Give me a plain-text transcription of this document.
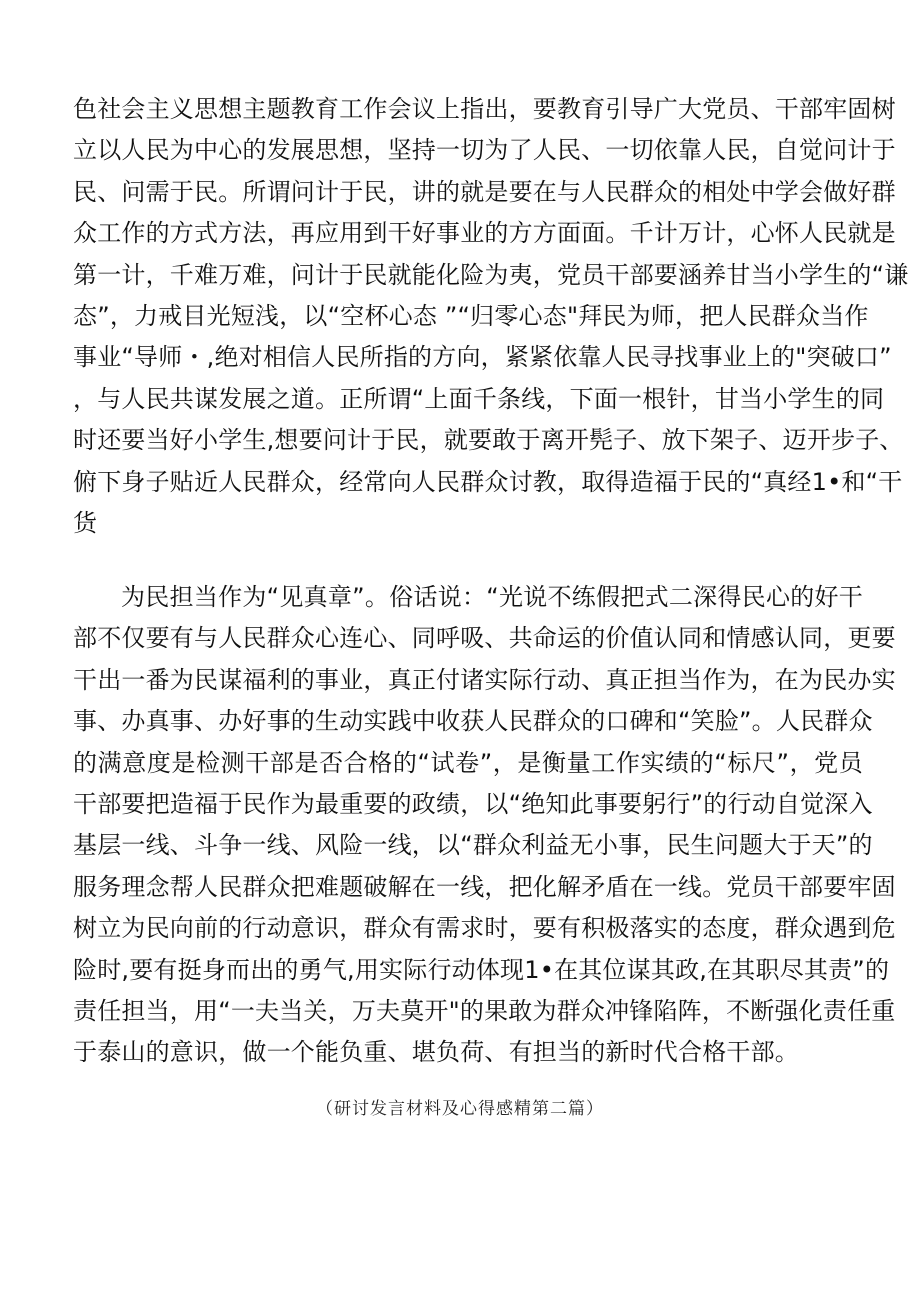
色社会主义思想主题教育工作会议上指出，要教育引导广大党员、干部牢固树
立以人民为中心的发展思想，坚持一切为了人民、一切依靠人民，自觉问计于
民、问需于民。所谓问计于民，讲的就是要在与人民群众的相处中学会做好群
众工作的方式方法，再应用到干好事业的方方面面。千计万计，心怀人民就是
第一计，千难万难，问计于民就能化险为夷，党员干部要涵养甘当小学生的“谦
态”，力戒目光短浅，以“空杯心态 ”“归零心态"拜民为师，把人民群众当作
事业“导师・,绝对相信人民所指的方向，紧紧依靠人民寻找事业上的"突破口”
，与人民共谋发展之道。正所谓“上面千条线，下面一根针，甘当小学生的同
时还要当好小学生,想要问计于民，就要敢于离开髡子、放下架子、迈开步子、
俯下身子贴近人民群众，经常向人民群众讨教，取得造福于民的“真经1•和“干
货
为民担当作为“见真章”。俗话说：“光说不练假把式二深得民心的好干
部不仅要有与人民群众心连心、同呼吸、共命运的价值认同和情感认同，更要
干出一番为民谋福利的事业，真正付诸实际行动、真正担当作为，在为民办实
事、办真事、办好事的生动实践中收获人民群众的口碑和“笑脸”。人民群众
的满意度是检测干部是否合格的“试卷”，是衡量工作实绩的“标尺”，党员
干部要把造福于民作为最重要的政绩，以“绝知此事要躬行”的行动自觉深入
基层一线、斗争一线、风险一线，以“群众利益无小事，民生问题大于天”的
服务理念帮人民群众把难题破解在一线，把化解矛盾在一线。党员干部要牢固
树立为民向前的行动意识，群众有需求时，要有积极落实的态度，群众遇到危
险时,要有挺身而出的勇气,用实际行动体现1•在其位谋其政,在其职尽其责”的
责任担当，用“一夫当关，万夫莫开"的果敢为群众冲锋陷阵，不断强化责任重
于泰山的意识，做一个能负重、堪负荷、有担当的新时代合格干部。
（研讨发言材料及心得感精第二篇）
